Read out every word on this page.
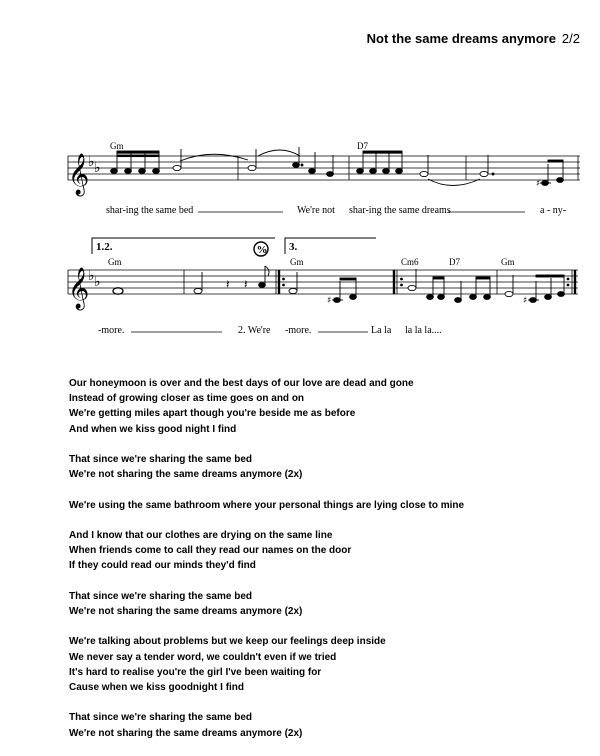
Not the same dreams anymore 2/2
𝄞
♭ ♭
♯
Gm	D7
shar-ing the same bed	We're not shar-ing the same dreams	a - ny-
1.2.	3.
%
𝄞
♭ ♭	𝄽 𝄽
♯	♯
Gm	Gm	Cm6	D7	Gm
-more.	2. We're -more.	La la la la la....
Our honeymoon is over and the best days of our love are dead and gone
Instead of growing closer as time goes on and on
We're getting miles apart though you're beside me as before
And when we kiss good night I find
That since we're sharing the same bed
We're not sharing the same dreams anymore (2x)
We're using the same bathroom where your personal things are lying close to mine
And I know that our clothes are drying on the same line
When friends come to call they read our names on the door
If they could read our minds they'd find
That since we're sharing the same bed
We're not sharing the same dreams anymore (2x)
We're talking about problems but we keep our feelings deep inside
We never say a tender word, we couldn't even if we tried
It's hard to realise you're the girl I've been waiting for
Cause when we kiss goodnight I find
That since we're sharing the same bed
We're not sharing the same dreams anymore (2x)
